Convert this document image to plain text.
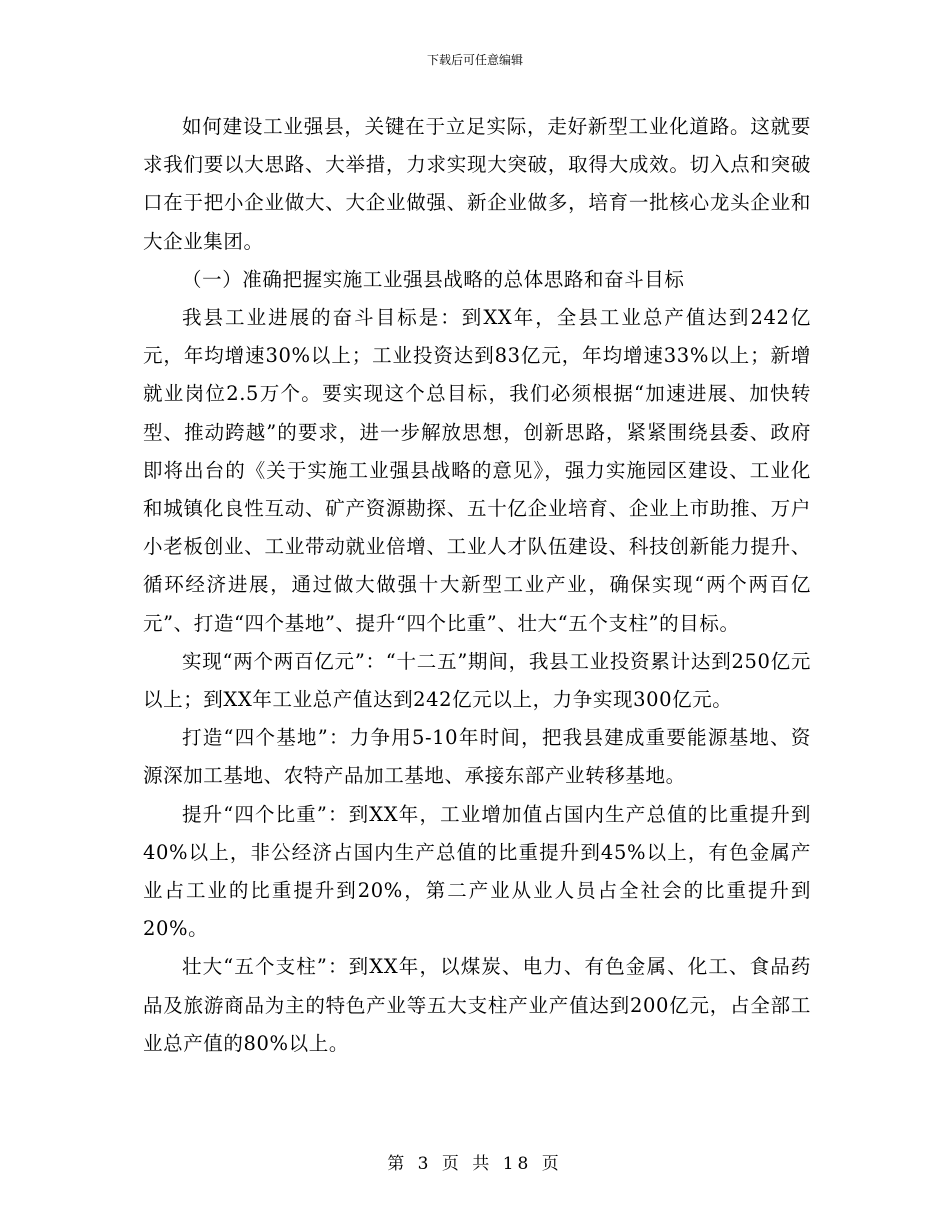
下载后可任意编辑

如何建设工业强县，关键在于立足实际，走好新型工业化道路。这就要求我们要以大思路、大举措，力求实现大突破，取得大成效。切入点和突破口在于把小企业做大、大企业做强、新企业做多，培育一批核心龙头企业和大企业集团。

（一）准确把握实施工业强县战略的总体思路和奋斗目标

我县工业进展的奋斗目标是：到XX年，全县工业总产值达到242亿元，年均增速30%以上；工业投资达到83亿元，年均增速33%以上；新增就业岗位2.5万个。要实现这个总目标，我们必须根据“加速进展、加快转型、推动跨越”的要求，进一步解放思想，创新思路，紧紧围绕县委、政府即将出台的《关于实施工业强县战略的意见》，强力实施园区建设、工业化和城镇化良性互动、矿产资源勘探、五十亿企业培育、企业上市助推、万户小老板创业、工业带动就业倍增、工业人才队伍建设、科技创新能力提升、循环经济进展，通过做大做强十大新型工业产业，确保实现“两个两百亿元”、打造“四个基地”、提升“四个比重”、壮大“五个支柱”的目标。

实现“两个两百亿元”：“十二五”期间，我县工业投资累计达到250亿元以上；到XX年工业总产值达到242亿元以上，力争实现300亿元。

打造“四个基地”：力争用5-10年时间，把我县建成重要能源基地、资源深加工基地、农特产品加工基地、承接东部产业转移基地。

提升“四个比重”：到XX年，工业增加值占国内生产总值的比重提升到40%以上，非公经济占国内生产总值的比重提升到45%以上，有色金属产业占工业的比重提升到20%，第二产业从业人员占全社会的比重提升到20%。

壮大“五个支柱”：到XX年，以煤炭、电力、有色金属、化工、食品药品及旅游商品为主的特色产业等五大支柱产业产值达到200亿元，占全部工业总产值的80%以上。

第 3 页 共 18 页
